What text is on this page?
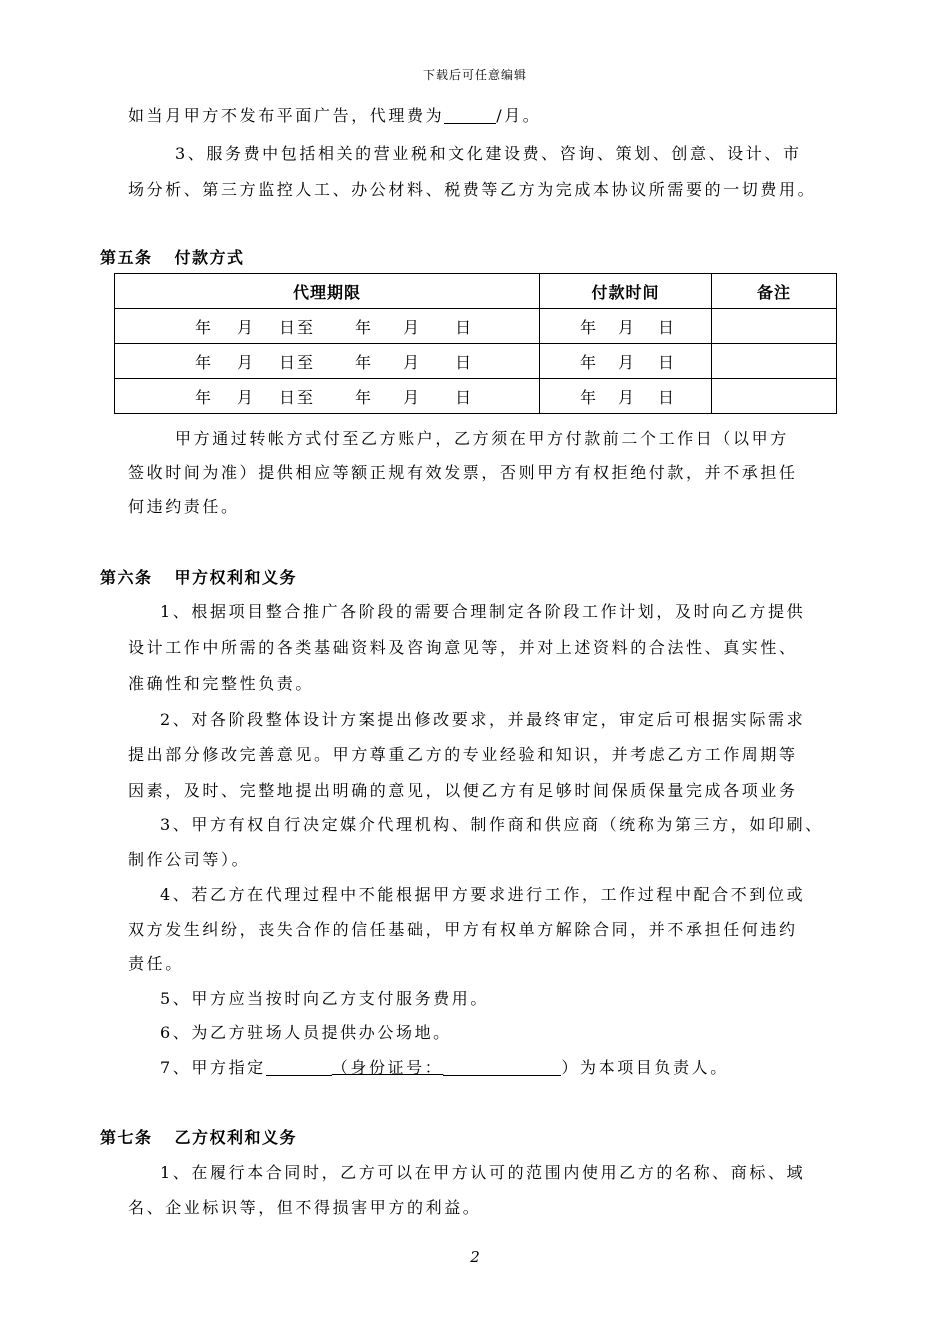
下载后可任意编辑
如当月甲方不发布平面广告，代理费为	/月。
3、服务费中包括相关的营业税和文化建设费、咨询、策划、创意、设计、市
场分析、第三方监控人工、办公材料、税费等乙方为完成本协议所需要的一切费用。
第五条 付款方式
代理期限	付款时间	备注
年 月 日至 年 月 日	年 月 日	
年 月 日至 年 月 日	年 月 日	
年 月 日至 年 月 日	年 月 日	
甲方通过转帐方式付至乙方账户，乙方须在甲方付款前二个工作日（以甲方
签收时间为准）提供相应等额正规有效发票，否则甲方有权拒绝付款，并不承担任
何违约责任。
第六条 甲方权利和义务
1、根据项目整合推广各阶段的需要合理制定各阶段工作计划，及时向乙方提供
设计工作中所需的各类基础资料及咨询意见等，并对上述资料的合法性、真实性、
准确性和完整性负责。
2、对各阶段整体设计方案提出修改要求，并最终审定，审定后可根据实际需求
提出部分修改完善意见。甲方尊重乙方的专业经验和知识，并考虑乙方工作周期等
因素，及时、完整地提出明确的意见，以便乙方有足够时间保质保量完成各项业务
3、甲方有权自行决定媒介代理机构、制作商和供应商（统称为第三方，如印刷、
制作公司等）。
4、若乙方在代理过程中不能根据甲方要求进行工作，工作过程中配合不到位或
双方发生纠纷，丧失合作的信任基础，甲方有权单方解除合同，并不承担任何违约
责任。
5、甲方应当按时向乙方支付服务费用。
6、为乙方驻场人员提供办公场地。
7、甲方指定	（身份证号：	）为本项目负责人。
第七条 乙方权利和义务
1、在履行本合同时，乙方可以在甲方认可的范围内使用乙方的名称、商标、域
名、企业标识等，但不得损害甲方的利益。
2
